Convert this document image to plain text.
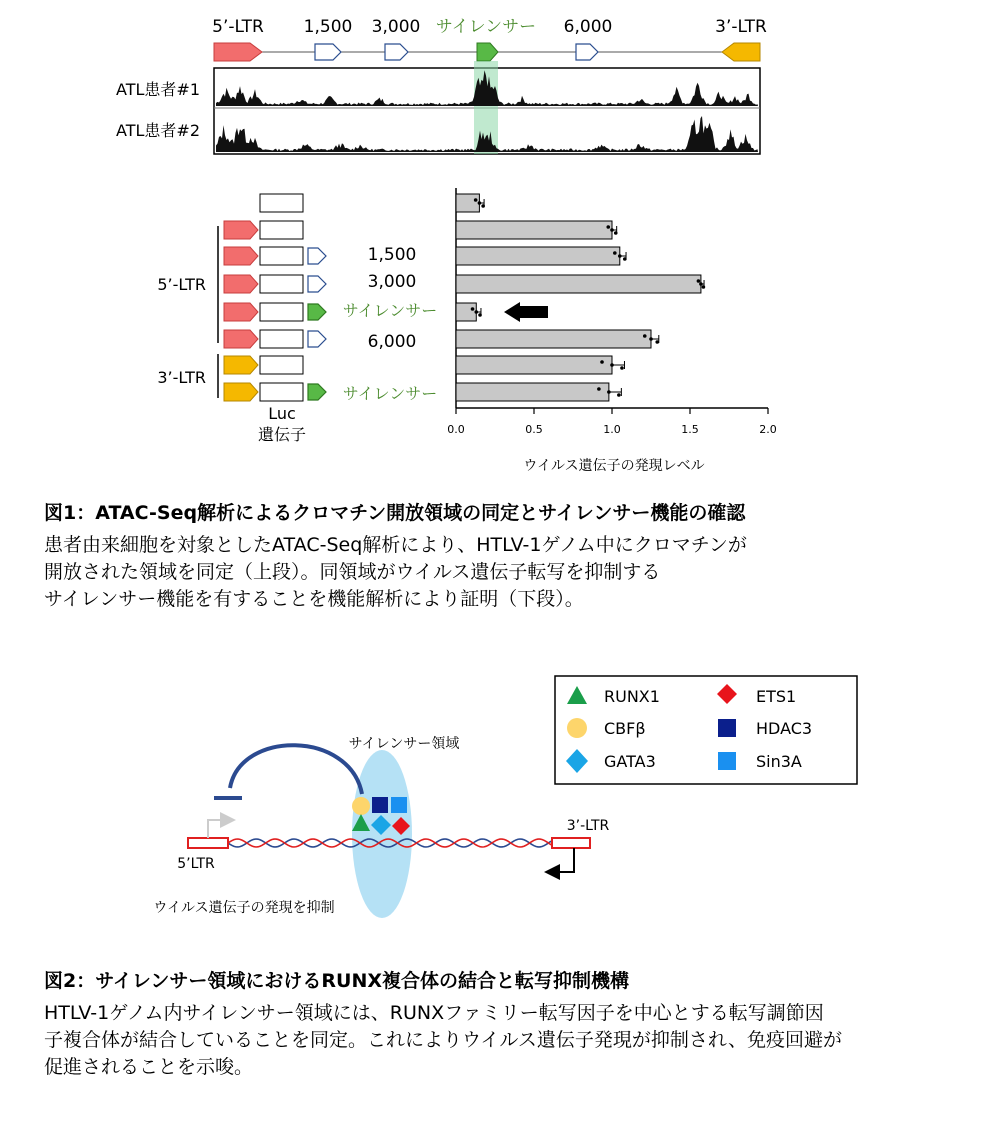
5’-LTR 1,500 3,000 サイレンサー 6,000	3’-LTR
ATL患者#1
ATL患者#2
5’-LTR
3’-LTR
1,500
3,000
サイレンサー
6,000
サイレンサー
Luc
遺伝子	0.0	0.5	1.0	1.5	2.0
ウイルス遺伝子の発現レベル
図1：ATAC-Seq解析によるクロマチン開放領域の同定とサイレンサー機能の確認
患者由来細胞を対象としたATAC-Seq解析により、HTLV-1ゲノム中にクロマチンが
開放された領域を同定（上段）。同領域がウイルス遺伝子転写を抑制する
サイレンサー機能を有することを機能解析により証明（下段）。
RUNX1	ETS1
CBFβ	HDAC3
GATA3	Sin3A
サイレンサー領域
5’LTR
3’-LTR
ウイルス遺伝子の発現を抑制
図2：サイレンサー領域におけるRUNX複合体の結合と転写抑制機構
HTLV-1ゲノム内サイレンサー領域には、RUNXファミリー転写因子を中心とする転写調節因
子複合体が結合していることを同定。これによりウイルス遺伝子発現が抑制され、免疫回避が
促進されることを示唆。
